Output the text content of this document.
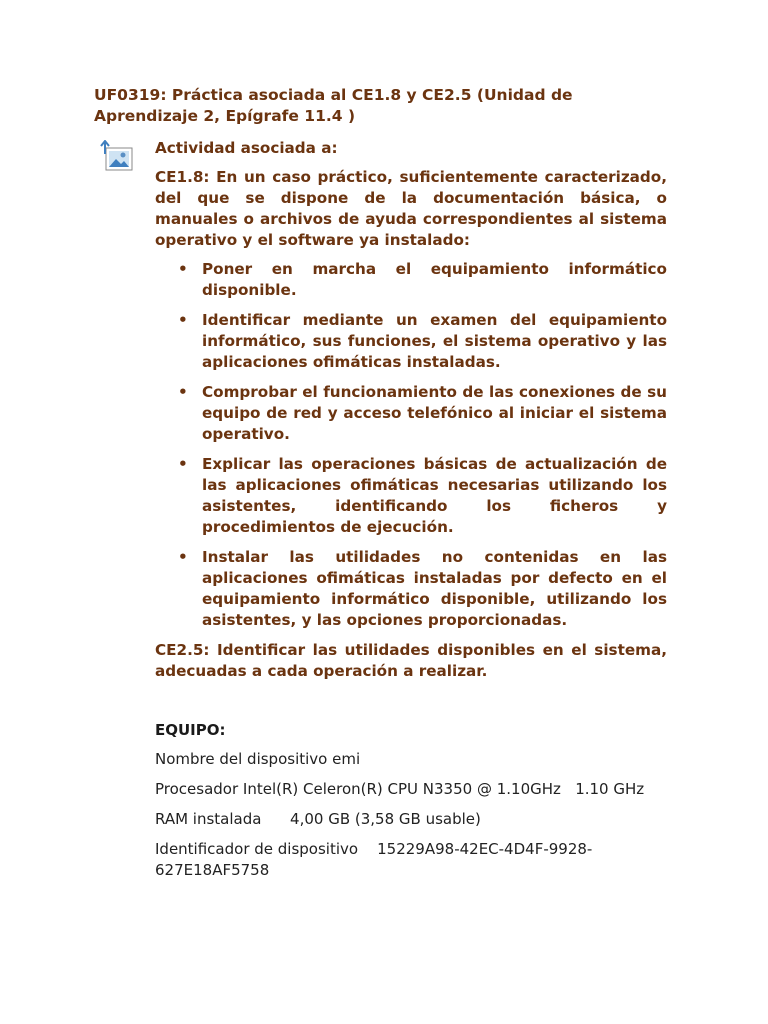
UF0319: Práctica asociada al CE1.8 y CE2.5 (Unidad de Aprendizaje 2, Epígrafe 11.4 )

Actividad asociada a:

CE1.8: En un caso práctico, suficientemente caracterizado, del que se dispone de la documentación básica, o manuales o archivos de ayuda correspondientes al sistema operativo y el software ya instalado:

• Poner en marcha el equipamiento informático disponible.
• Identificar mediante un examen del equipamiento informático, sus funciones, el sistema operativo y las aplicaciones ofimáticas instaladas.
• Comprobar el funcionamiento de las conexiones de su equipo de red y acceso telefónico al iniciar el sistema operativo.
• Explicar las operaciones básicas de actualización de las aplicaciones ofimáticas necesarias utilizando los asistentes, identificando los ficheros y procedimientos de ejecución.
• Instalar las utilidades no contenidas en las aplicaciones ofimáticas instaladas por defecto en el equipamiento informático disponible, utilizando los asistentes, y las opciones proporcionadas.

CE2.5: Identificar las utilidades disponibles en el sistema, adecuadas a cada operación a realizar.

EQUIPO:
Nombre del dispositivo emi
Procesador Intel(R) Celeron(R) CPU N3350 @ 1.10GHz   1.10 GHz
RAM instalada      4,00 GB (3,58 GB usable)
Identificador de dispositivo    15229A98-42EC-4D4F-9928-627E18AF5758
